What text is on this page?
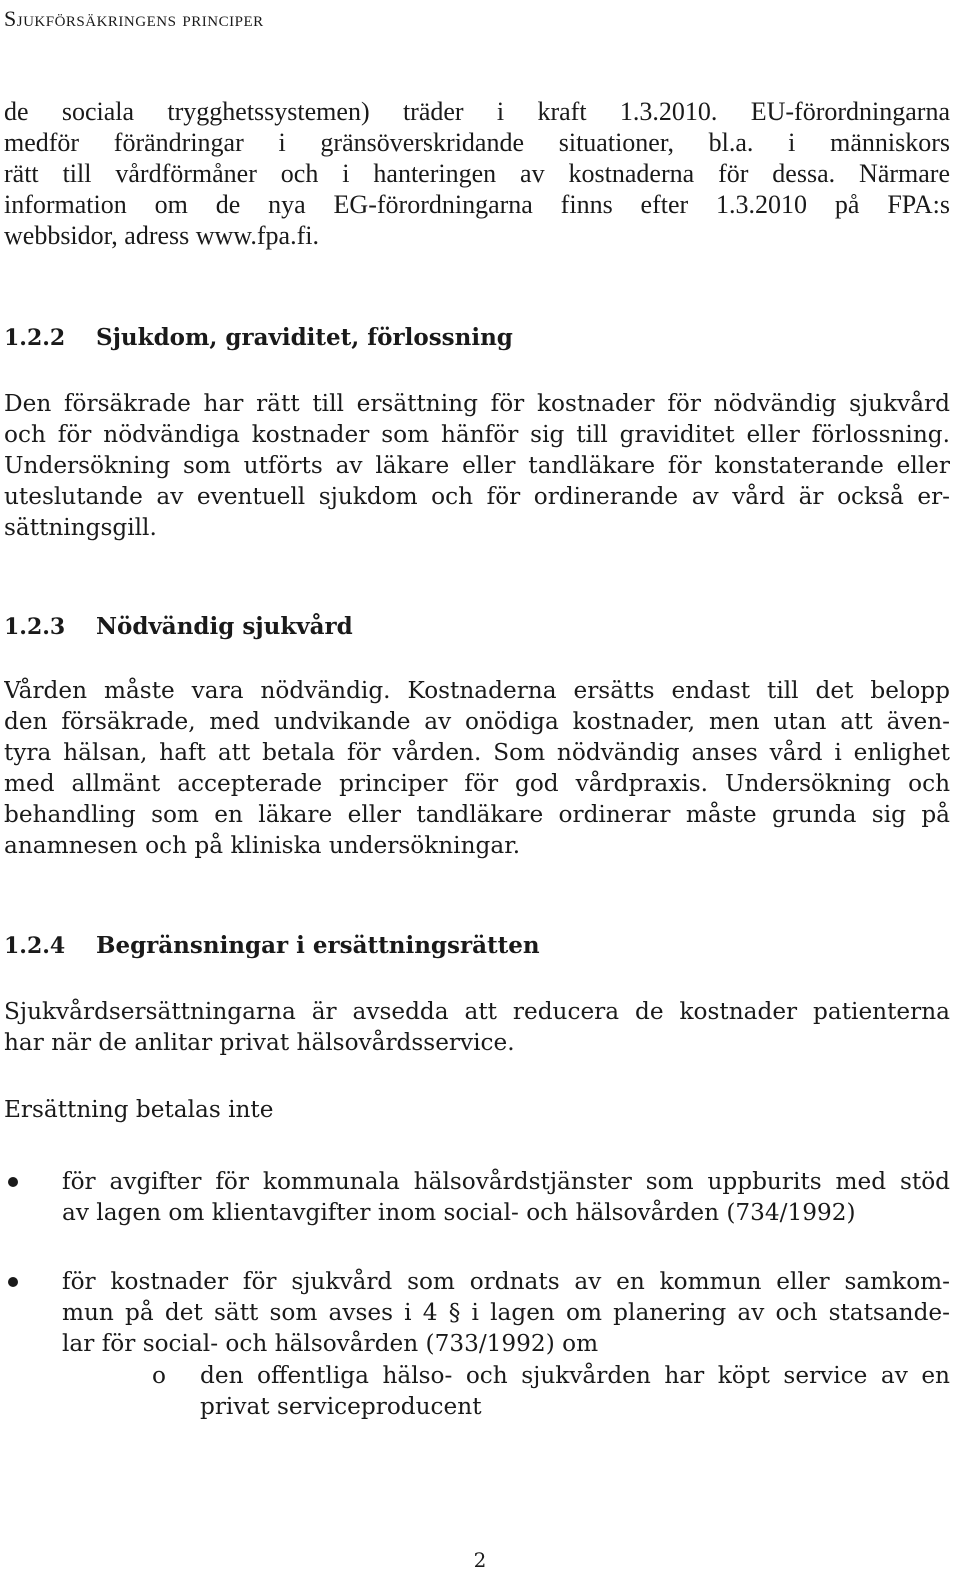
Sjukförsäkringens principer
de sociala trygghetssystemen) träder i kraft 1.3.2010. EU-förordningarna
medför förändringar i gränsöverskridande situationer, bl.a. i människors
rätt till vårdförmåner och i hanteringen av kostnaderna för dessa. Närmare
information om de nya EG-förordningarna finns efter 1.3.2010 på FPA:s
webbsidor, adress www.fpa.fi.
1.2.2 Sjukdom, graviditet, förlossning
Den försäkrade har rätt till ersättning för kostnader för nödvändig sjukvård
och för nödvändiga kostnader som hänför sig till graviditet eller förlossning.
Undersökning som utförts av läkare eller tandläkare för konstaterande eller
uteslutande av eventuell sjukdom och för ordinerande av vård är också er-
sättningsgill.
1.2.3 Nödvändig sjukvård
Vården måste vara nödvändig. Kostnaderna ersätts endast till det belopp
den försäkrade, med undvikande av onödiga kostnader, men utan att även-
tyra hälsan, haft att betala för vården. Som nödvändig anses vård i enlighet
med allmänt accepterade principer för god vårdpraxis. Undersökning och
behandling som en läkare eller tandläkare ordinerar måste grunda sig på
anamnesen och på kliniska undersökningar.
1.2.4 Begränsningar i ersättningsrätten
Sjukvårdsersättningarna är avsedda att reducera de kostnader patienterna
har när de anlitar privat hälsovårdsservice.
Ersättning betalas inte
för avgifter för kommunala hälsovårdstjänster som uppburits med stöd
av lagen om klientavgifter inom social- och hälsovården (734/1992)
för kostnader för sjukvård som ordnats av en kommun eller samkom-
mun på det sätt som avses i 4 § i lagen om planering av och statsande-
lar för social- och hälsovården (733/1992) om
o den offentliga hälso- och sjukvården har köpt service av en
privat serviceproducent
2
